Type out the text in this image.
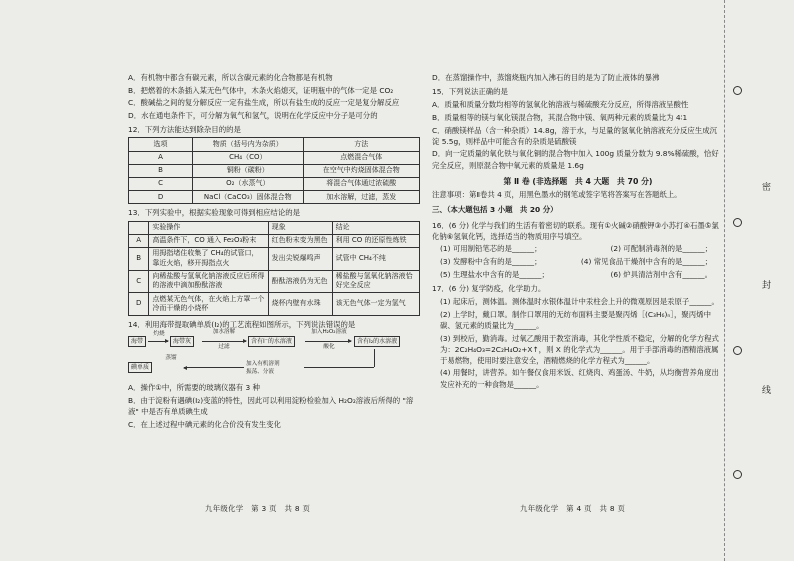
A．有机物中都含有碳元素，所以含碳元素的化合物都是有机物
B．把燃着的木条插入某无色气体中，木条火焰熄灭，证明瓶中的气体一定是 CO₂
C．酸碱盐之间的复分解反应一定有盐生成，所以有盐生成的反应一定是复分解反应
D．水在通电条件下，可分解为氧气和氢气，说明在化学反应中分子是可分的
12．下列方法能达到除杂目的的是
选项	物质（括号内为杂质）	方法
A	CH₄（CO）	点燃混合气体
B	铜粉（碳粉）	在空气中灼烧固体混合物
C	O₂（水蒸气）	将混合气体通过浓硫酸
D	NaCl（CaCO₃）固体混合物	加水溶解，过滤，蒸发
13．下列实验中，根据实验现象可得到相应结论的是
	实验操作	现象	结论
A	高温条件下，CO 通入 Fe₂O₃粉末	红色粉末变为黑色	利用 CO 的还原性炼铁
B	用拇指堵住收集了 CH₄的试管口，靠近火焰，移开拇指点火	发出尖锐爆鸣声	试管中 CH₄不纯
C	向稀盐酸与氢氧化钠溶液反应后所得的溶液中滴加酚酞溶液	酚酞溶液仍为无色	稀盐酸与氢氧化钠溶液恰好完全反应
D	点燃某无色气体，在火焰上方罩一个冷而干燥的小烧杯	烧杯内壁有水珠	该无色气体一定为氢气
14．利用海带提取碘单质(I₂)的工艺流程如图所示，下列说法错误的是
海带
灼烧
海带灰
加水溶解
过滤
含有I⁻的水溶液
加入H₂O₂溶液
酸化
含有I₂的水溶液
碘单质
蒸馏
加入有机溶剂
振荡、分液
A．操作①中，所需要的玻璃仪器有 3 种
B．由于淀粉有遇碘(I₂)变蓝的特性，因此可以利用淀粉检验加入 H₂O₂溶液后所得的 "溶液" 中是否有单质碘生成
C．在上述过程中碘元素的化合价没有发生变化
九年级化学　第 3 页　共 8 页
D．在蒸馏操作中，蒸馏烧瓶内加入沸石的目的是为了防止液体的暴沸
15．下列说法正确的是
A．质量和质量分数均相等的氢氧化钠溶液与稀硫酸充分反应，所得溶液呈酸性
B．质量相等的镁与氧化镁混合物，其混合物中镁、氧两种元素的质量比为 4∶1
C．硝酸镁样品（含一种杂质）14.8g，溶于水，与足量的氢氧化钠溶液充分反应生成沉淀 5.5g，则样品中可能含有的杂质是硫酸镁
D．向一定质量的氧化铁与氧化铜的混合物中加入 100g 质量分数为 9.8%稀硫酸，恰好完全反应，则原混合物中氧元素的质量是 1.6g
第 Ⅱ 卷 (非选择题　共 4 大题　共 70 分)
注意事项：第Ⅱ卷共 4 页，用黑色墨水的钢笔或签字笔将答案写在答题纸上。
三、（本大题包括 3 小题　共 20 分）
16．(6 分) 化学与我们的生活有着密切的联系。现有①火碱②硝酸钾③小苏打④石墨⑤氯化钠⑥氢氧化钙，选择适当的物质用序号填空。
(1) 可用制铅笔芯的是______；	(2) 可配制消毒剂的是______；
(3) 发酵粉中含有的是______；	(4) 常见食品干燥剂中含有的是______；
(5) 生理盐水中含有的是______；	(6) 炉具清洁剂中含有______。
17．(6 分) 复学防疫，化学助力。
(1) 起床后，测体温。测体温时水银体温计中汞柱会上升的微观原因是汞原子______。
(2) 上学时，戴口罩。制作口罩用的无纺布面料主要是聚丙烯［(C₃H₆)ₙ］，聚丙烯中碳、氢元素的质量比为______。
(3) 到校后，勤消毒。过氧乙酸用于教室消毒，其化学性质不稳定，分解的化学方程式为：2C₂H₄O₃=2C₂H₄O₂+X↑，则 X 的化学式为______。用于手部消毒的酒精溶液属于易燃物，使用时要注意安全，酒精燃烧的化学方程式为______。
(4) 用餐时，讲营养。如午餐仅食用米饭、红烧肉、鸡蛋汤、牛奶，从均衡营养角度出发应补充的一种食物是______。
九年级化学　第 4 页　共 8 页
密
封
线
